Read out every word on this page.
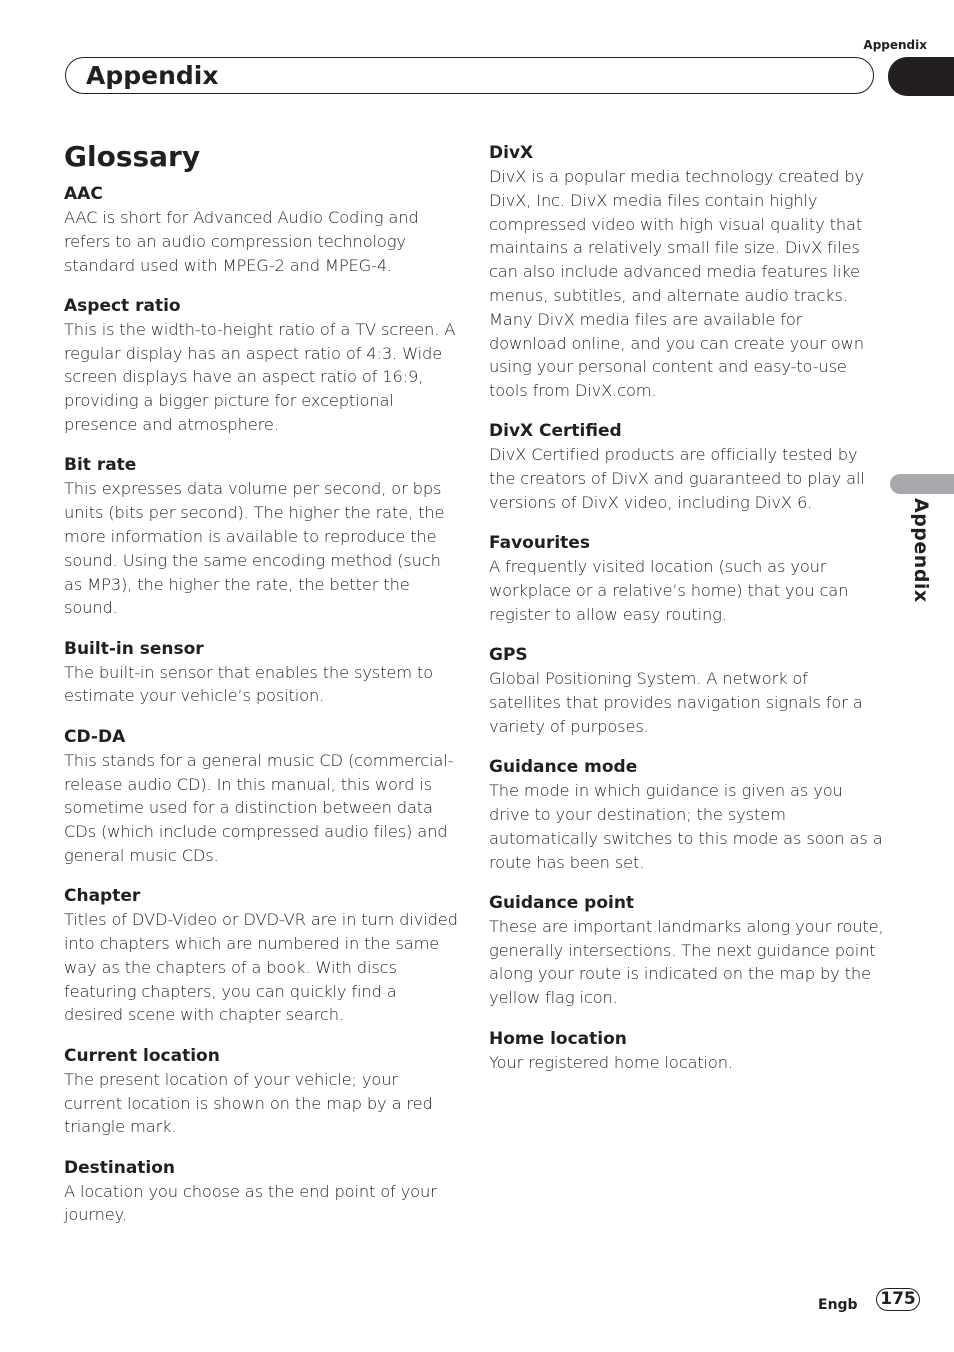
Appendix
Appendix
Appendix
Glossary

AAC

AAC is short for Advanced Audio Coding and refers to an audio compression technology standard used with MPEG-2 and MPEG-4.

Aspect ratio

This is the width-to-height ratio of a TV screen. A regular display has an aspect ratio of 4:3. Wide screen displays have an aspect ratio of 16:9, providing a bigger picture for exceptional presence and atmosphere.

Bit rate

This expresses data volume per second, or bps units (bits per second). The higher the rate, the more information is available to reproduce the sound. Using the same encoding method (such as MP3), the higher the rate, the better the sound.

Built-in sensor

The built-in sensor that enables the system to estimate your vehicle’s position.

CD-DA

This stands for a general music CD (commercial-release audio CD). In this manual, this word is sometime used for a distinction between data CDs (which include compressed audio files) and general music CDs.

Chapter

Titles of DVD-Video or DVD-VR are in turn divided into chapters which are numbered in the same way as the chapters of a book. With discs featuring chapters, you can quickly find a desired scene with chapter search.

Current location

The present location of your vehicle; your current location is shown on the map by a red triangle mark.

Destination

A location you choose as the end point of your journey.

DivX

DivX is a popular media technology created by DivX, Inc. DivX media files contain highly compressed video with high visual quality that maintains a relatively small file size. DivX files can also include advanced media features like menus, subtitles, and alternate audio tracks. Many DivX media files are available for download online, and you can create your own using your personal content and easy-to-use tools from DivX.com.

DivX Certified

DivX Certified products are officially tested by the creators of DivX and guaranteed to play all versions of DivX video, including DivX 6.

Favourites

A frequently visited location (such as your workplace or a relative’s home) that you can register to allow easy routing.

GPS

Global Positioning System. A network of satellites that provides navigation signals for a variety of purposes.

Guidance mode

The mode in which guidance is given as you drive to your destination; the system automatically switches to this mode as soon as a route has been set.

Guidance point

These are important landmarks along your route, generally intersections. The next guidance point along your route is indicated on the map by the yellow flag icon.

Home location

Your registered home location.

Engb 175
